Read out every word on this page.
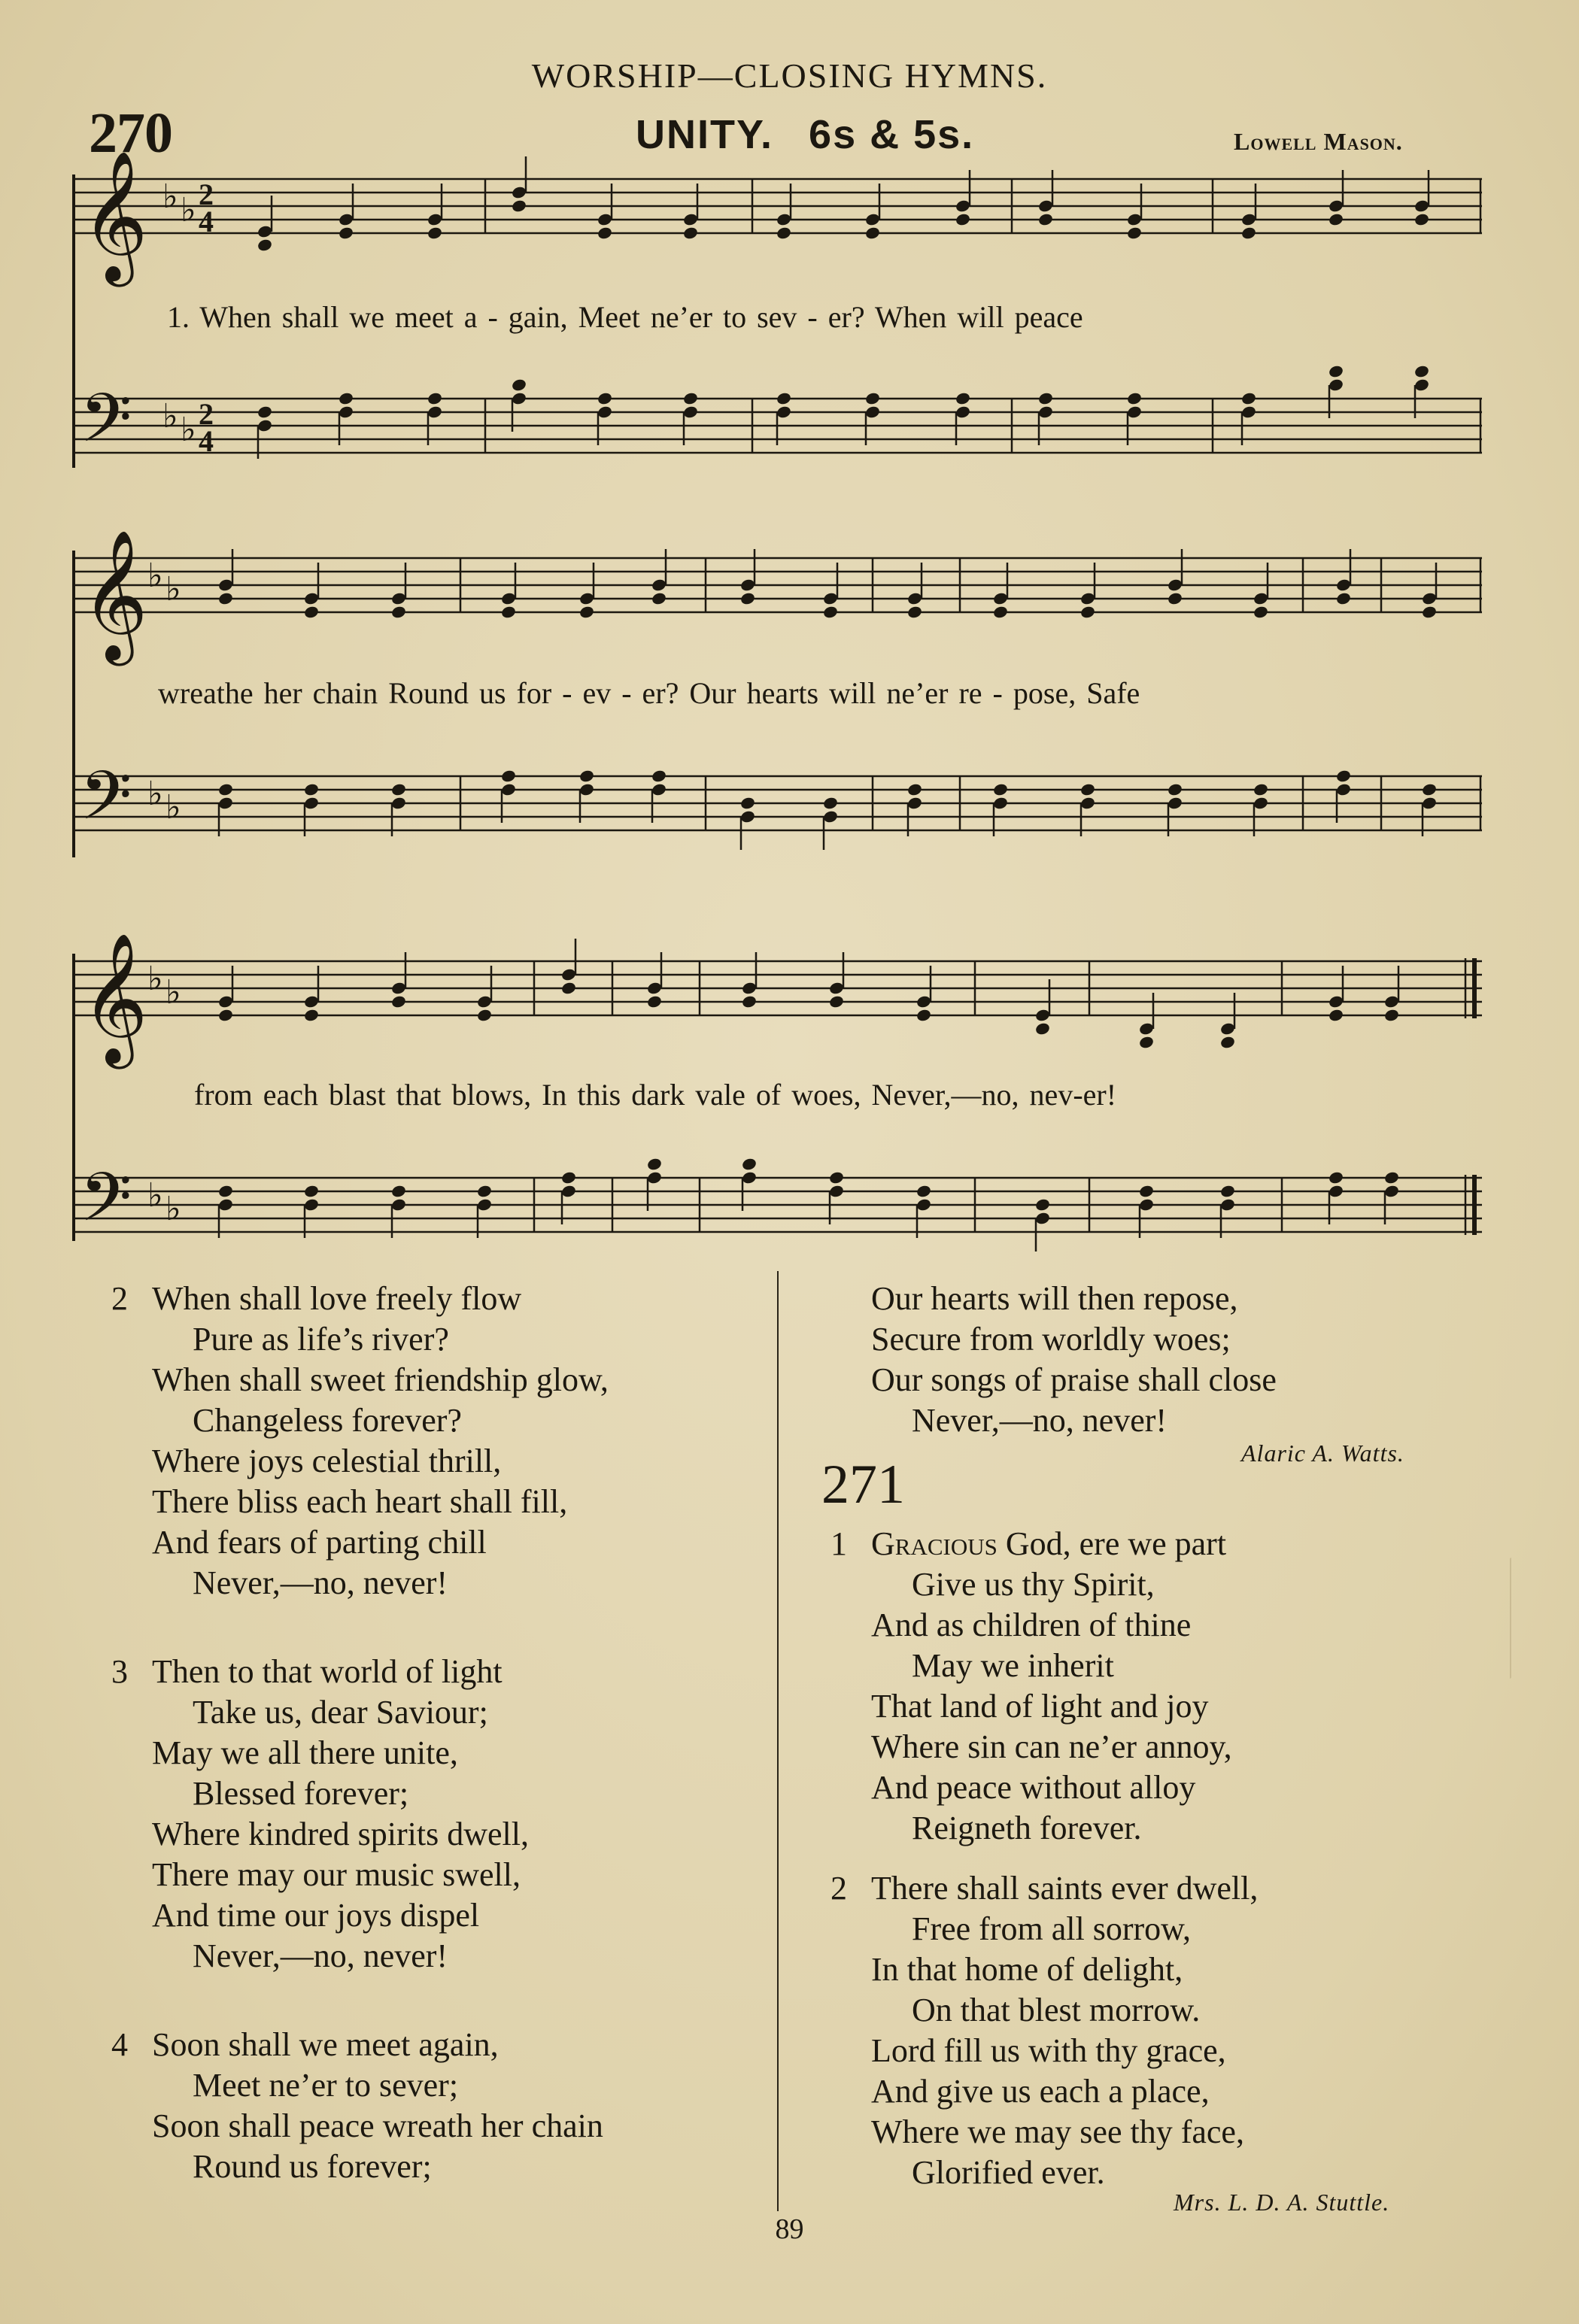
WORSHIP—CLOSING HYMNS.
270	UNITY. 6s & 5s.	Lowell Mason.
𝄞
𝄢
♭ ♭
♭ ♭
2
4
2
4
𝄞
𝄢
♭ ♭
♭ ♭
𝄞
𝄢
♭ ♭
♭ ♭
1. When shall we meet a - gain, Meet ne’er to sev - er? When will peace
wreathe her chain Round us for - ev - er? Our hearts will ne’er re - pose, Safe
from each blast that blows, In this dark vale of woes, Never,—no, nev-er!
2 When shall love freely flow
Pure as life’s river?
When shall sweet friendship glow,
Changeless forever?
Where joys celestial thrill,
There bliss each heart shall fill,
And fears of parting chill
Never,—no, never!
3 Then to that world of light
Take us, dear Saviour;
May we all there unite,
Blessed forever;
Where kindred spirits dwell,
There may our music swell,
And time our joys dispel
Never,—no, never!
4 Soon shall we meet again,
Meet ne’er to sever;
Soon shall peace wreath her chain
Round us forever;
Our hearts will then repose,
Secure from worldly woes;
Our songs of praise shall close
Never,—no, never!
Alaric A. Watts.
271
1 Gracious God, ere we part
Give us thy Spirit,
And as children of thine
May we inherit
That land of light and joy
Where sin can ne’er annoy,
And peace without alloy
Reigneth forever.
2 There shall saints ever dwell,
Free from all sorrow,
In that home of delight,
On that blest morrow.
Lord fill us with thy grace,
And give us each a place,
Where we may see thy face,
Glorified ever.
Mrs. L. D. A. Stuttle.
89
